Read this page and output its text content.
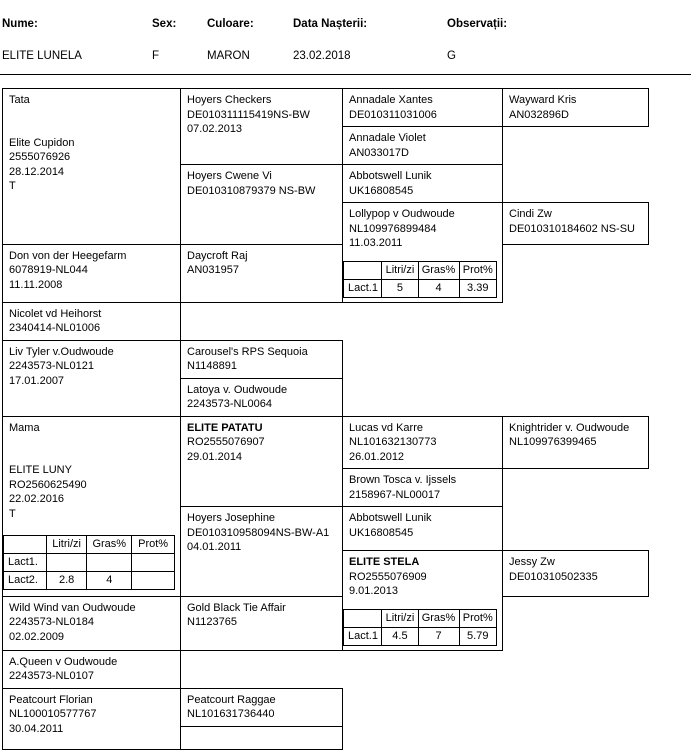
Nume:	Sex:	Culoare:	Data Nașterii:	Observații:
ELITE LUNELA	F	MARON	23.02.2018	G
Tata
Elite Cupidon
2555076926
28.12.2014
T

Hoyers Checkers
DE010311115419NS-BW
07.02.2013

Annadale Xantes
DE010311031006

Wayward Kris
AN032896D

Annadale Violet
AN033017D

Hoyers Cwene Vi
DE010310879379 NS-BW

Abbotswell Lunik
UK16808545

Lollypop v Oudwoude
NL109976899484
11.03.2011
	Litri/zi	Gras%	Prot%
Lact.1	5	4	3.39

Cindi Zw
DE010310184602 NS-SU

Don von der Heegefarm
6078919-NL044
11.11.2008

Daycroft Raj
AN031957

Nicolet vd Heihorst
2340414-NL01006

Liv Tyler v.Oudwoude
2243573-NL0121
17.01.2007

Carousel's RPS Sequoia
N1148891

Latoya v. Oudwoude
2243573-NL0064

Mama
ELITE LUNY
RO2560625490
22.02.2016
T
	Litri/zi	Gras%	Prot%
Lact1.			
Lact2.	2.8	4	

ELITE PATATU
RO2555076907
29.01.2014

Lucas vd Karre
NL101632130773
26.01.2012

Knightrider v. Oudwoude
NL109976399465

Brown Tosca v. Ijssels
2158967-NL00017

Hoyers Josephine
DE010310958094NS-BW-A1
04.01.2011

Abbotswell Lunik
UK16808545

ELITE STELA
RO2555076909
9.01.2013
	Litri/zi	Gras%	Prot%
Lact.1	4.5	7	5.79

Jessy Zw
DE010310502335

Wild Wind van Oudwoude
2243573-NL0184
02.02.2009

Gold Black Tie Affair
N1123765

A.Queen v Oudwoude
2243573-NL0107

Peatcourt Florian
NL100010577767
30.04.2011

Peatcourt Raggae
NL101631736440
